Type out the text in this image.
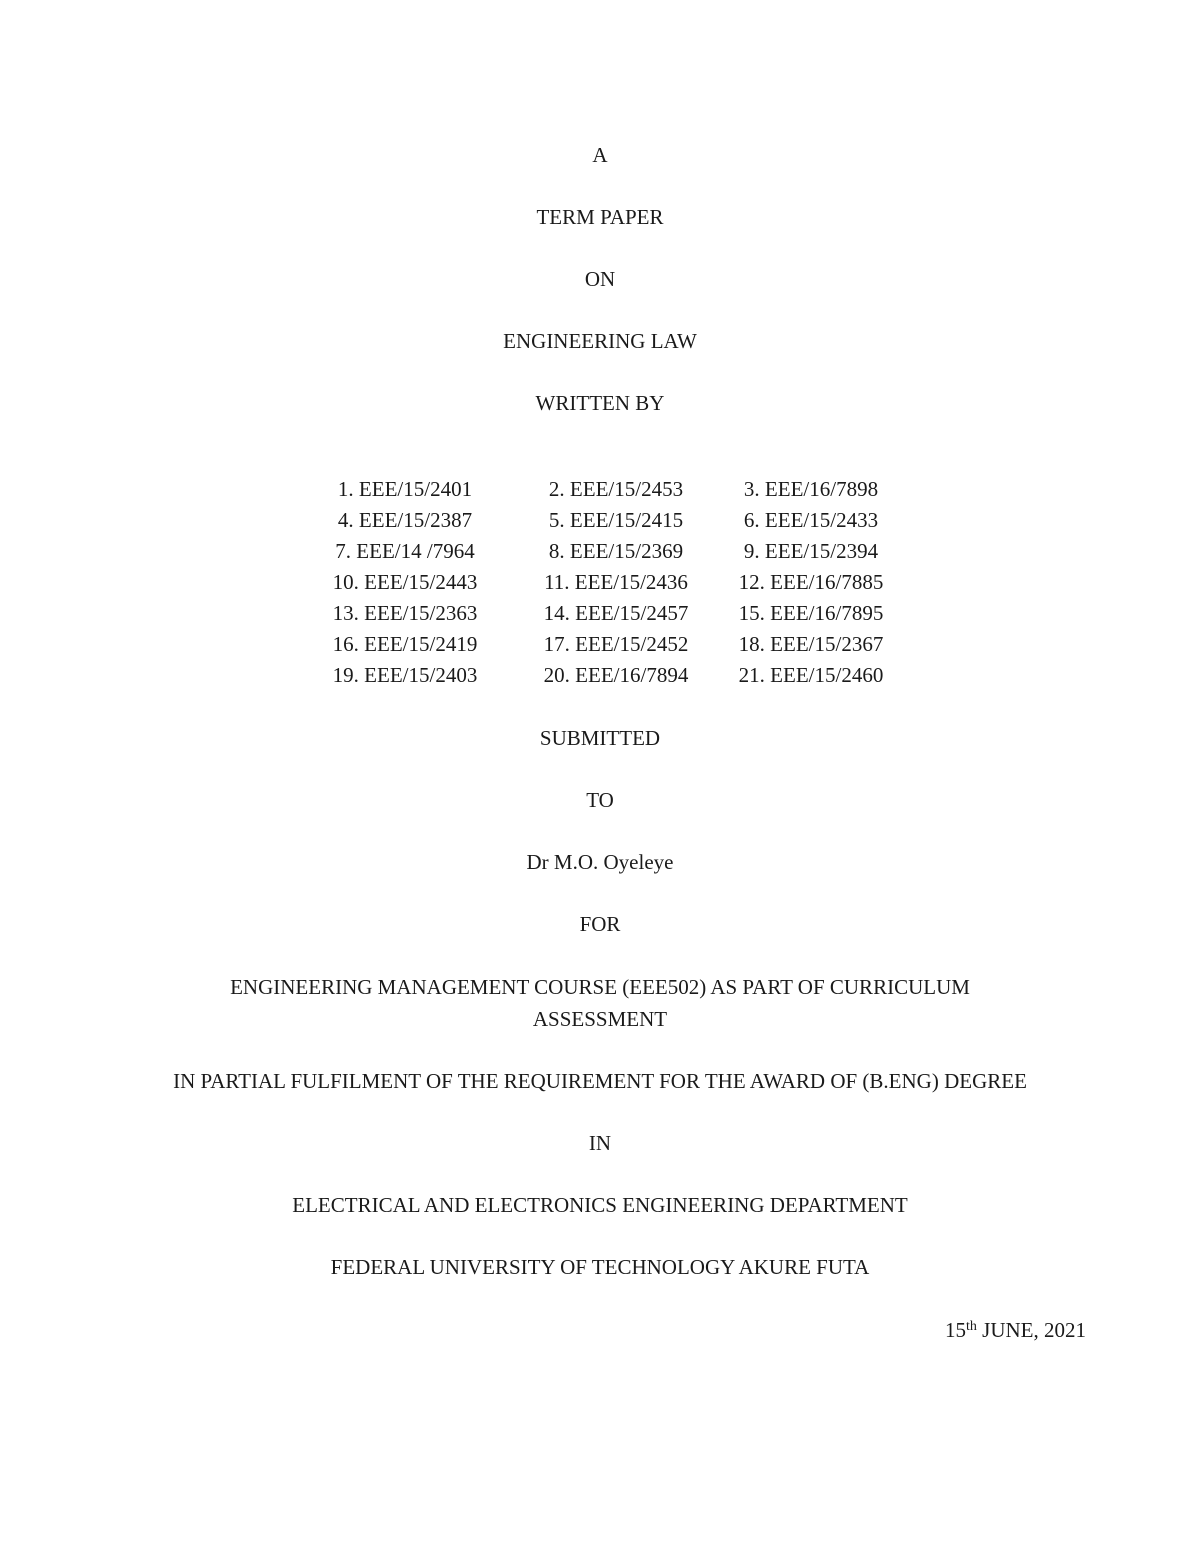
A
TERM PAPER
ON
ENGINEERING LAW
WRITTEN BY
1. EEE/15/2401	2. EEE/15/2453	3. EEE/16/7898
4. EEE/15/2387	5. EEE/15/2415	6. EEE/15/2433
7. EEE/14 /7964	8. EEE/15/2369	9. EEE/15/2394
10. EEE/15/2443	11. EEE/15/2436	12. EEE/16/7885
13. EEE/15/2363	14. EEE/15/2457	15. EEE/16/7895
16. EEE/15/2419	17. EEE/15/2452	18. EEE/15/2367
19. EEE/15/2403	20. EEE/16/7894	21. EEE/15/2460
SUBMITTED
TO
Dr M.O. Oyeleye
FOR
ENGINEERING MANAGEMENT COURSE (EEE502) AS PART OF CURRICULUM
ASSESSMENT
IN PARTIAL FULFILMENT OF THE REQUIREMENT FOR THE AWARD OF (B.ENG) DEGREE
IN
ELECTRICAL AND ELECTRONICS ENGINEERING DEPARTMENT
FEDERAL UNIVERSITY OF TECHNOLOGY AKURE FUTA
15th JUNE, 2021
